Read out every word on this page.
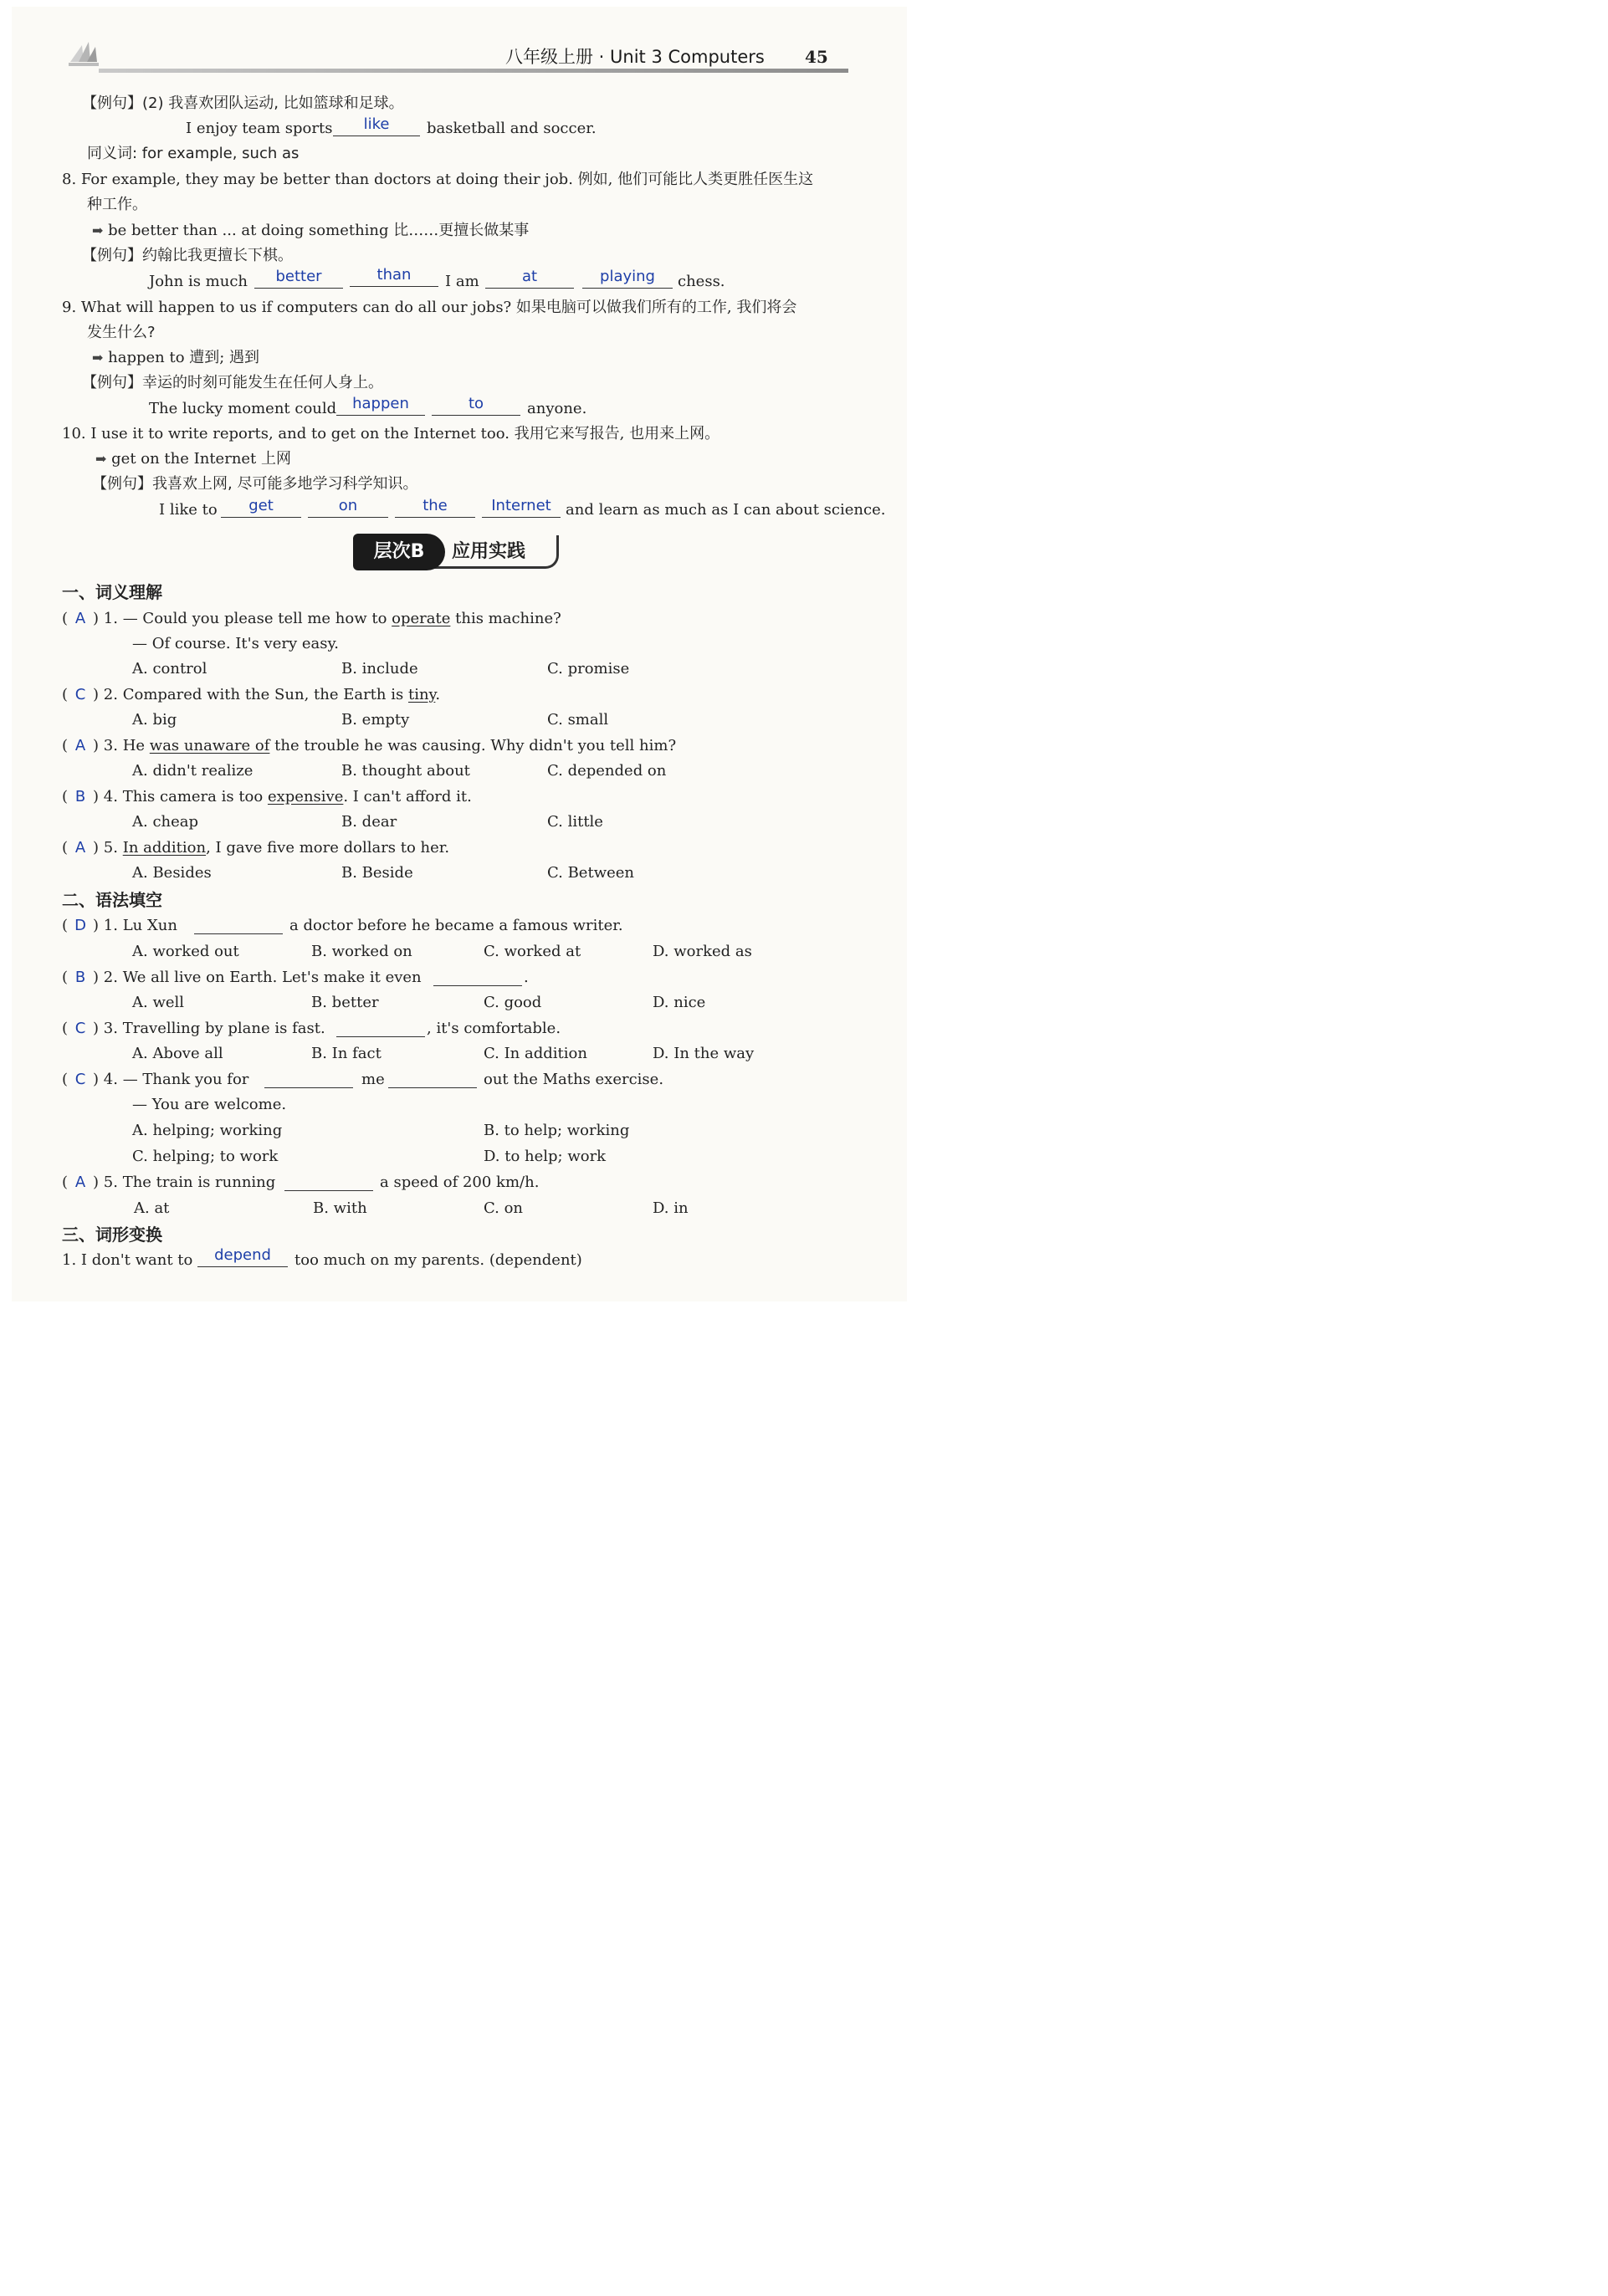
八年级上册 · Unit 3 Computers 45
【例句】(2) 我喜欢团队运动, 比如篮球和足球。
I enjoy team sports	like	basketball and soccer.
同义词: for example, such as
8. For example, they may be better than doctors at doing their job. 例如, 他们可能比人类更胜任医生这
种工作。
➡ be better than ... at doing something 比……更擅长做某事
【例句】约翰比我更擅长下棋。
John is much	better	than	I am	at	playing	chess.
9. What will happen to us if computers can do all our jobs? 如果电脑可以做我们所有的工作, 我们将会
发生什么?
➡ happen to 遭到; 遇到
【例句】幸运的时刻可能发生在任何人身上。
The lucky moment could	happen	to	anyone.
10. I use it to write reports, and to get on the Internet too. 我用它来写报告, 也用来上网。
➡ get on the Internet 上网
【例句】我喜欢上网, 尽可能多地学习科学知识。
I like to	get	on	the	Internet and learn as much as I can about science.
应用实践
层次B
一、词义理解
( A ) 1. — Could you please tell me how to operate this machine?
— Of course. It's very easy.
A. control	B. include	C. promise
( C ) 2. Compared with the Sun, the Earth is tiny.
A. big	B. empty	C. small
( A ) 3. He was unaware of the trouble he was causing. Why didn't you tell him?
A. didn't realize	B. thought about	C. depended on
( B ) 4. This camera is too expensive. I can't afford it.
A. cheap	B. dear	C. little
( A ) 5. In addition, I gave five more dollars to her.
A. Besides	B. Beside	C. Between
二、语法填空
( D ) 1. Lu Xun	a doctor before he became a famous writer.
A. worked out	B. worked on	C. worked at	D. worked as
( B ) 2. We all live on Earth. Let's make it even	.
A. well	B. better	C. good	D. nice
( C ) 3. Travelling by plane is fast.	, it's comfortable.
A. Above all	B. In fact	C. In addition	D. In the way
( C ) 4. — Thank you for	me	out the Maths exercise.
— You are welcome.
A. helping; working	B. to help; working
C. helping; to work	D. to help; work
( A ) 5. The train is running	a speed of 200 km/h.
A. at	B. with	C. on	D. in
三、词形变换
1. I don't want to	depend	too much on my parents. (dependent)
